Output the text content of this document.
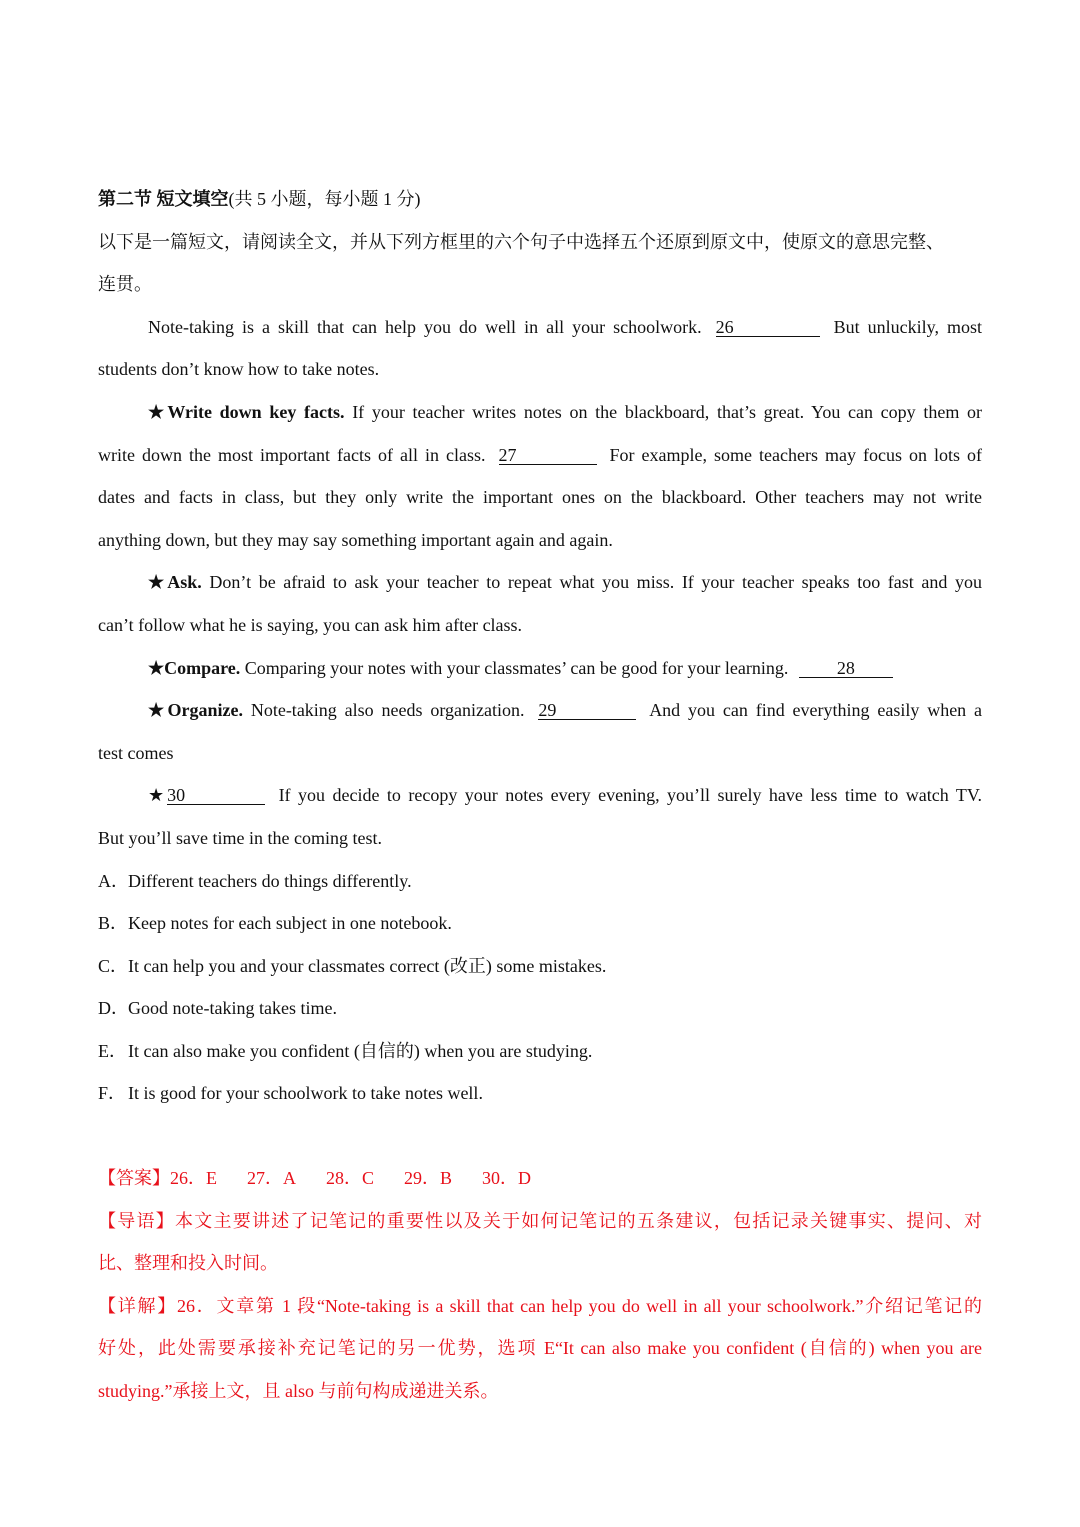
第二节 短文填空(共 5 小题，每小题 1 分)

以下是一篇短文，请阅读全文，并从下列方框里的六个句子中选择五个还原到原文中，使原文的意思完整、

连贯。

Note-taking is a skill that can help you do well in all your schoolwork. 26	But unluckily, most

students don’t know how to take notes.

★Write down key facts. If your teacher writes notes on the blackboard, that’s great. You can copy them or

write down the most important facts of all in class. 27	For example, some teachers may focus on lots of

dates and facts in class, but they only write the important ones on the blackboard. Other teachers may not write

anything down, but they may say something important again and again.

★Ask. Don’t be afraid to ask your teacher to repeat what you miss. If your teacher speaks too fast and you

can’t follow what he is saying, you can ask him after class.

★Compare. Comparing your notes with your classmates’ can be good for your learning.	28

★Organize. Note-taking also needs organization. 29	And you can find everything easily when a

test comes

★30	If you decide to recopy your notes every evening, you’ll surely have less time to watch TV.

But you’ll save time in the coming test.

A．Different teachers do things differently.

B．Keep notes for each subject in one notebook.

C．It can help you and your classmates correct (改正) some mistakes.

D．Good note-taking takes time.

E．It can also make you confident (自信的) when you are studying.

F． It is good for your schoolwork to take notes well.

【答案】26．E 27．A 28．C 29．B 30．D

【导语】本文主要讲述了记笔记的重要性以及关于如何记笔记的五条建议，包括记录关键事实、提问、对

比、整理和投入时间。

【详解】26．文章第 1 段“Note-taking is a skill that can help you do well in all your schoolwork.”介绍记笔记的

好处，此处需要承接补充记笔记的另一优势，选项 E“It can also make you confident (自信的) when you are

studying.”承接上文，且 also 与前句构成递进关系。
